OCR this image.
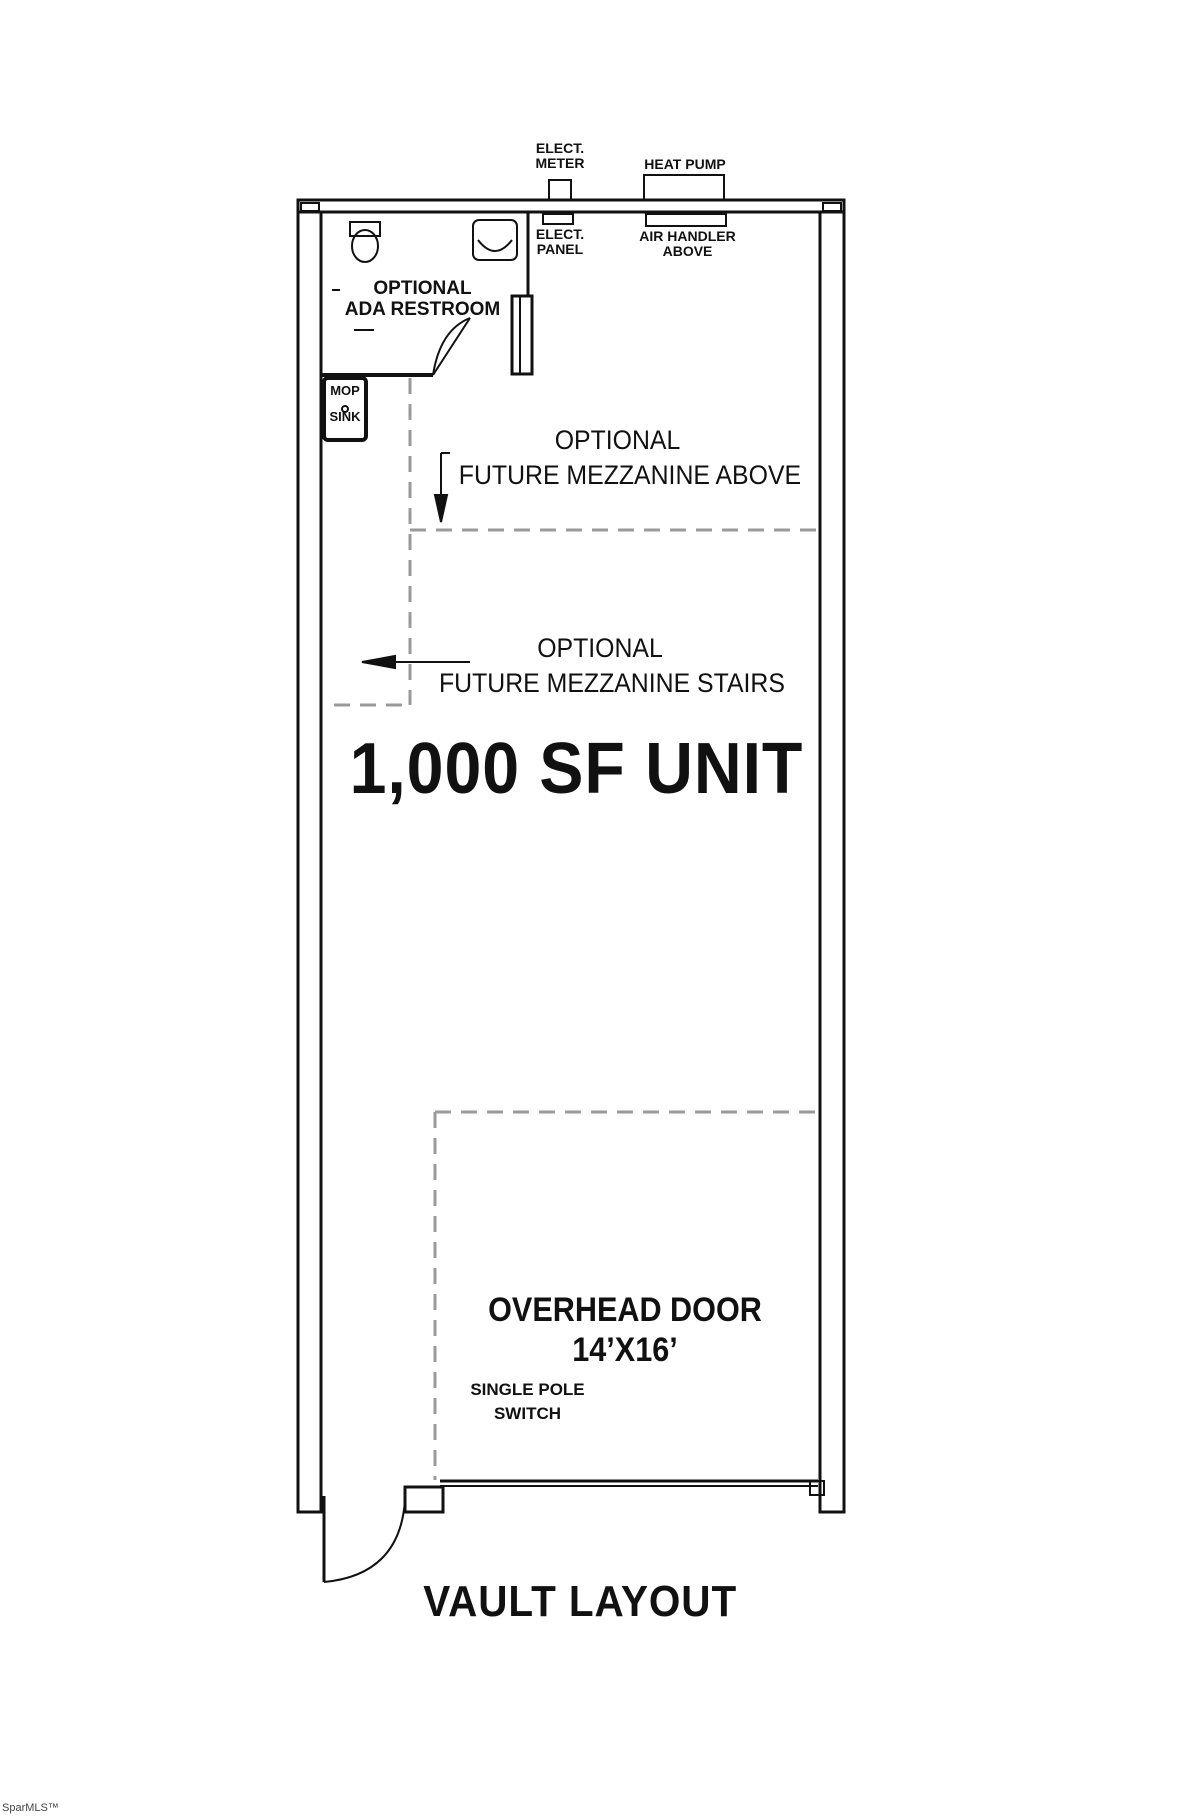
ELECT.
METER	HEAT PUMP
ELECT.
PANEL
AIR HANDLER
ABOVE
OPTIONAL
ADA RESTROOM
MOP
SINK
OPTIONAL
FUTURE MEZZANINE ABOVE
OPTIONAL
FUTURE MEZZANINE STAIRS
1,000 SF UNIT
OVERHEAD DOOR
14’X16’
SINGLE POLE
SWITCH
VAULT LAYOUT
SparMLS™
